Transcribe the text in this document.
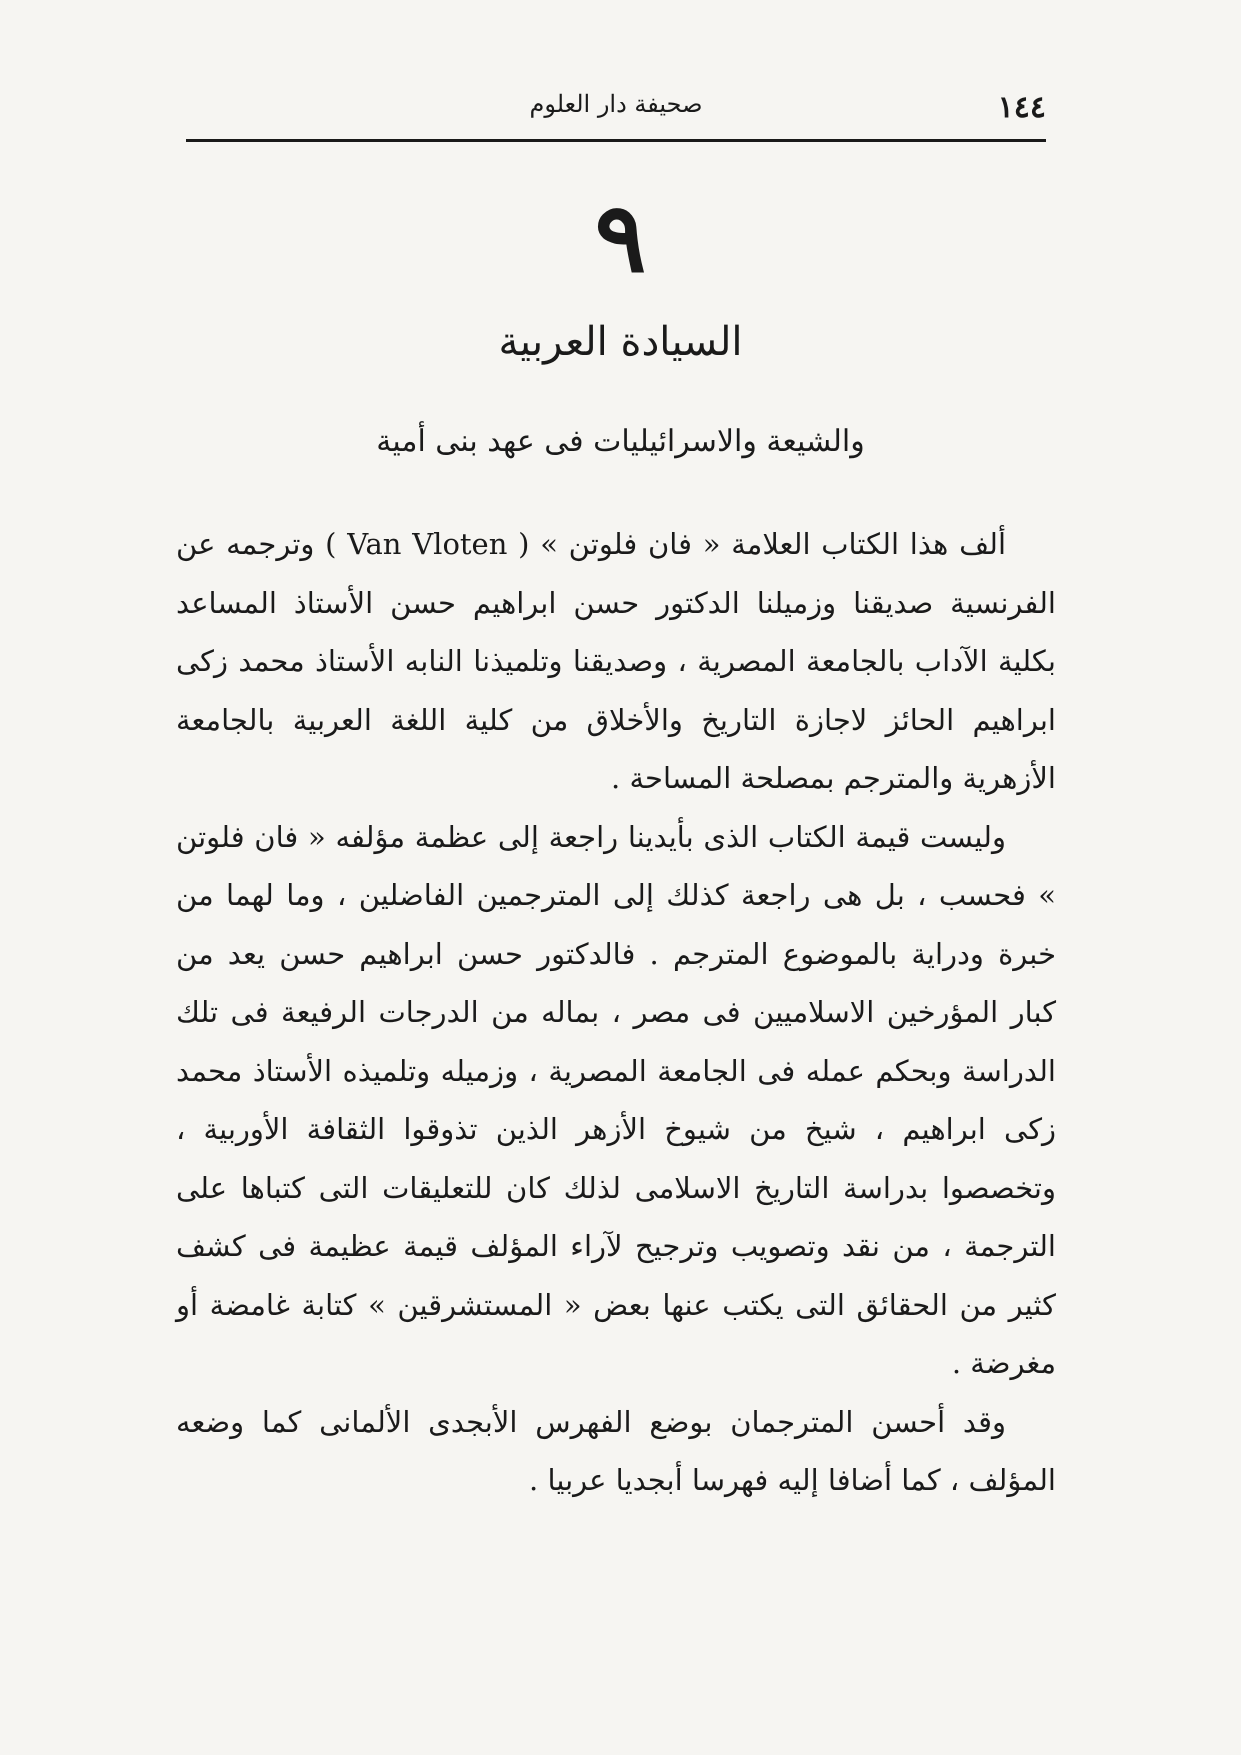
١٤٤
صحيفة دار العلوم
٩
السيادة العربية
والشيعة والاسرائيليات فى عهد بنى أمية

ألف هذا الكتاب العلامة « فان فلوتن » ( Van Vloten ) وترجمه عن الفرنسية صديقنا وزميلنا الدكتور حسن ابراهيم حسن الأستاذ المساعد بكلية الآداب بالجامعة المصرية ، وصديقنا وتلميذنا النابه الأستاذ محمد زكى ابراهيم الحائز لاجازة التاريخ والأخلاق من كلية اللغة العربية بالجامعة الأزهرية والمترجم بمصلحة المساحة .

وليست قيمة الكتاب الذى بأيدينا راجعة إلى عظمة مؤلفه « فان فلوتن » فحسب ، بل هى راجعة كذلك إلى المترجمين الفاضلين ، وما لهما من خبرة ودراية بالموضوع المترجم . فالدكتور حسن ابراهيم حسن يعد من كبار المؤرخين الاسلاميين فى مصر ، بماله من الدرجات الرفيعة فى تلك الدراسة وبحكم عمله فى الجامعة المصرية ، وزميله وتلميذه الأستاذ محمد زكى ابراهيم ، شيخ من شيوخ الأزهر الذين تذوقوا الثقافة الأوربية ، وتخصصوا بدراسة التاريخ الاسلامى لذلك كان للتعليقات التى كتباها على الترجمة ، من نقد وتصويب وترجيح لآراء المؤلف قيمة عظيمة فى كشف كثير من الحقائق التى يكتب عنها بعض « المستشرقين » كتابة غامضة أو مغرضة .

وقد أحسن المترجمان بوضع الفهرس الأبجدى الألمانى كما وضعه المؤلف ، كما أضافا إليه فهرسا أبجديا عربيا .
